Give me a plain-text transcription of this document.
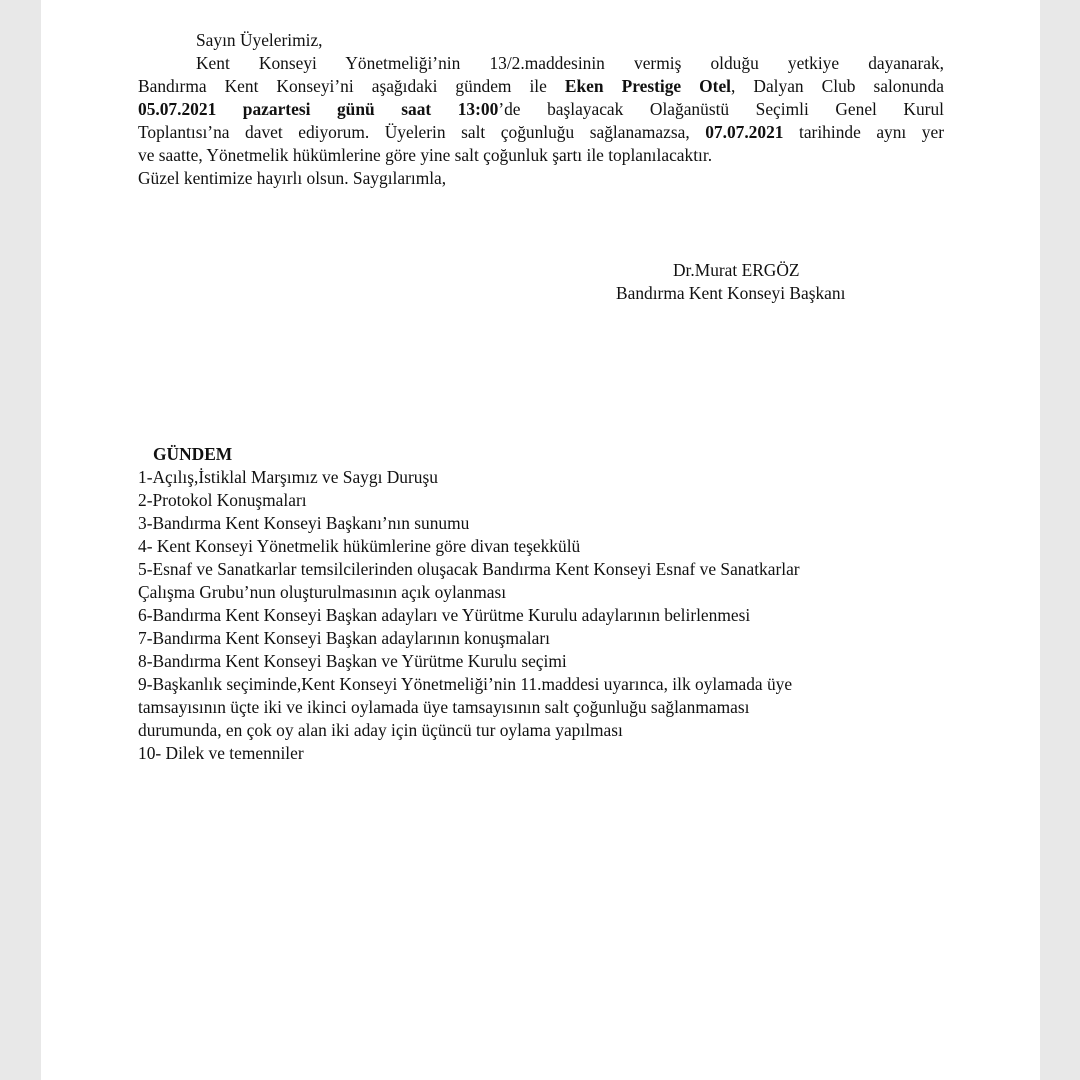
Sayın Üyelerimiz,
Kent Konseyi Yönetmeliği’nin 13/2.maddesinin vermiş olduğu yetkiye dayanarak,
Bandırma Kent Konseyi’ni aşağıdaki gündem ile Eken Prestige Otel, Dalyan Club salonunda
05.07.2021 pazartesi günü saat 13:00’de başlayacak Olağanüstü Seçimli Genel Kurul
Toplantısı’na davet ediyorum. Üyelerin salt çoğunluğu sağlanamazsa, 07.07.2021 tarihinde aynı yer
ve saatte, Yönetmelik hükümlerine göre yine salt çoğunluk şartı ile toplanılacaktır.
Güzel kentimize hayırlı olsun. Saygılarımla,
Dr.Murat ERGÖZ
Bandırma Kent Konseyi Başkanı
GÜNDEM
1-Açılış,İstiklal Marşımız ve Saygı Duruşu
2-Protokol Konuşmaları
3-Bandırma Kent Konseyi Başkanı’nın sunumu
4- Kent Konseyi Yönetmelik hükümlerine göre divan teşekkülü
5-Esnaf ve Sanatkarlar temsilcilerinden oluşacak Bandırma Kent Konseyi Esnaf ve Sanatkarlar
Çalışma Grubu’nun oluşturulmasının açık oylanması
6-Bandırma Kent Konseyi Başkan adayları ve Yürütme Kurulu adaylarının belirlenmesi
7-Bandırma Kent Konseyi Başkan adaylarının konuşmaları
8-Bandırma Kent Konseyi Başkan ve Yürütme Kurulu seçimi
9-Başkanlık seçiminde,Kent Konseyi Yönetmeliği’nin 11.maddesi uyarınca, ilk oylamada üye
tamsayısının üçte iki ve ikinci oylamada üye tamsayısının salt çoğunluğu sağlanmaması
durumunda, en çok oy alan iki aday için üçüncü tur oylama yapılması
10- Dilek ve temenniler
